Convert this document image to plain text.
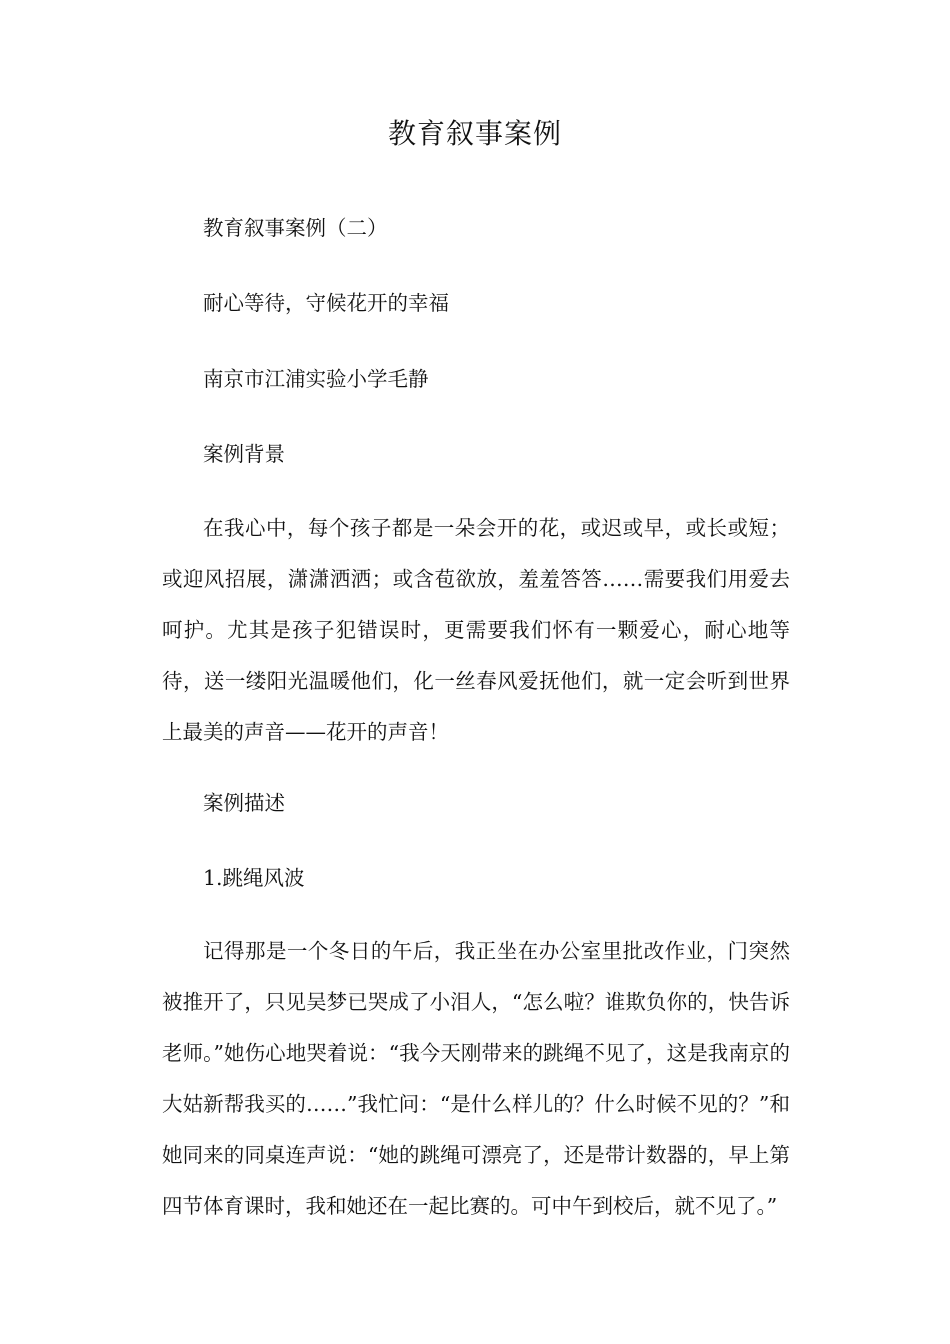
教育叙事案例

教育叙事案例（二）

耐心等待，守候花开的幸福

南京市江浦实验小学毛静

案例背景

在我心中，每个孩子都是一朵会开的花，或迟或早，或长或短；或迎风招展，潇潇洒洒；或含苞欲放，羞羞答答……需要我们用爱去呵护。尤其是孩子犯错误时，更需要我们怀有一颗爱心，耐心地等待，送一缕阳光温暖他们，化一丝春风爱抚他们，就一定会听到世界上最美的声音——花开的声音！

案例描述

1.跳绳风波

记得那是一个冬日的午后，我正坐在办公室里批改作业，门突然被推开了，只见吴梦已哭成了小泪人，“怎么啦？谁欺负你的，快告诉老师。”她伤心地哭着说：“我今天刚带来的跳绳不见了，这是我南京的大姑新帮我买的……”我忙问：“是什么样儿的？什么时候不见的？”和她同来的同桌连声说：“她的跳绳可漂亮了，还是带计数器的，早上第四节体育课时，我和她还在一起比赛的。可中午到校后，就不见了。”
